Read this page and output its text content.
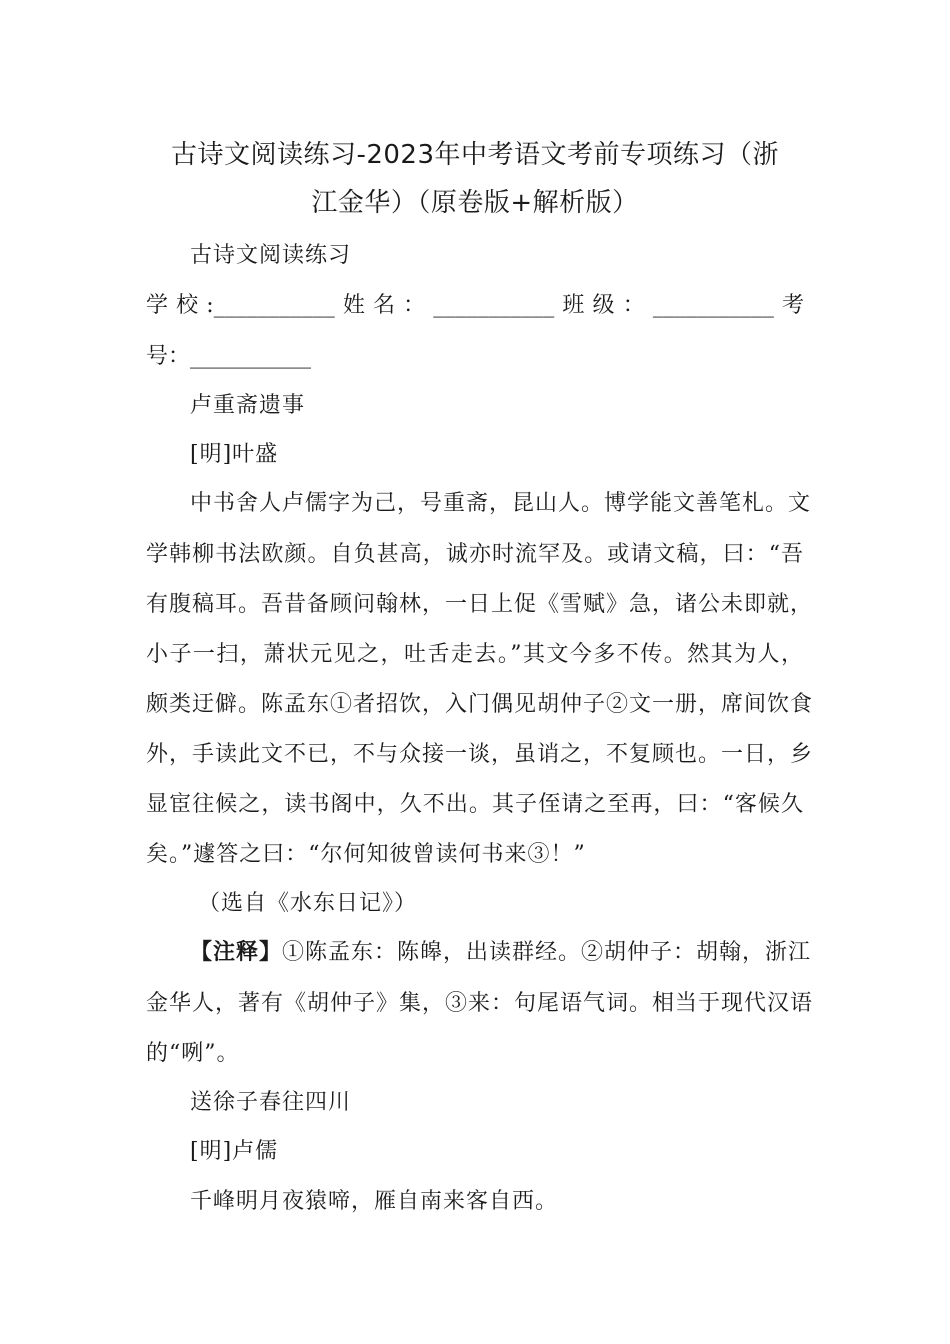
古诗文阅读练习-2023年中考语文考前专项练习（浙
江金华）（原卷版+解析版）
古诗文阅读练习
学校:___________姓名：___________班级：___________考
号：___________
卢重斋遗事
[明]叶盛
中书舍人卢儒字为己，号重斋，昆山人。博学能文善笔札。文
学韩柳书法欧颜。自负甚高，诚亦时流罕及。或请文稿，曰：“吾
有腹稿耳。吾昔备顾问翰林，一日上促《雪赋》急，诸公未即就，
小子一扫，萧状元见之，吐舌走去。”其文今多不传。然其为人，
颇类迂僻。陈孟东①者招饮，入门偶见胡仲子②文一册，席间饮食
外，手读此文不已，不与众接一谈，虽诮之，不复顾也。一日，乡
显宦往候之，读书阁中，久不出。其子侄请之至再，曰：“客候久
矣。”遽答之曰：“尔何知彼曾读何书来③！”
（选自《水东日记》）
【注释】①陈孟东：陈皞，出读群经。②胡仲子：胡翰，浙江
金华人，著有《胡仲子》集，③来：句尾语气词。相当于现代汉语
的“咧”。
送徐子春往四川
[明]卢儒
千峰明月夜猿啼，雁自南来客自西。
